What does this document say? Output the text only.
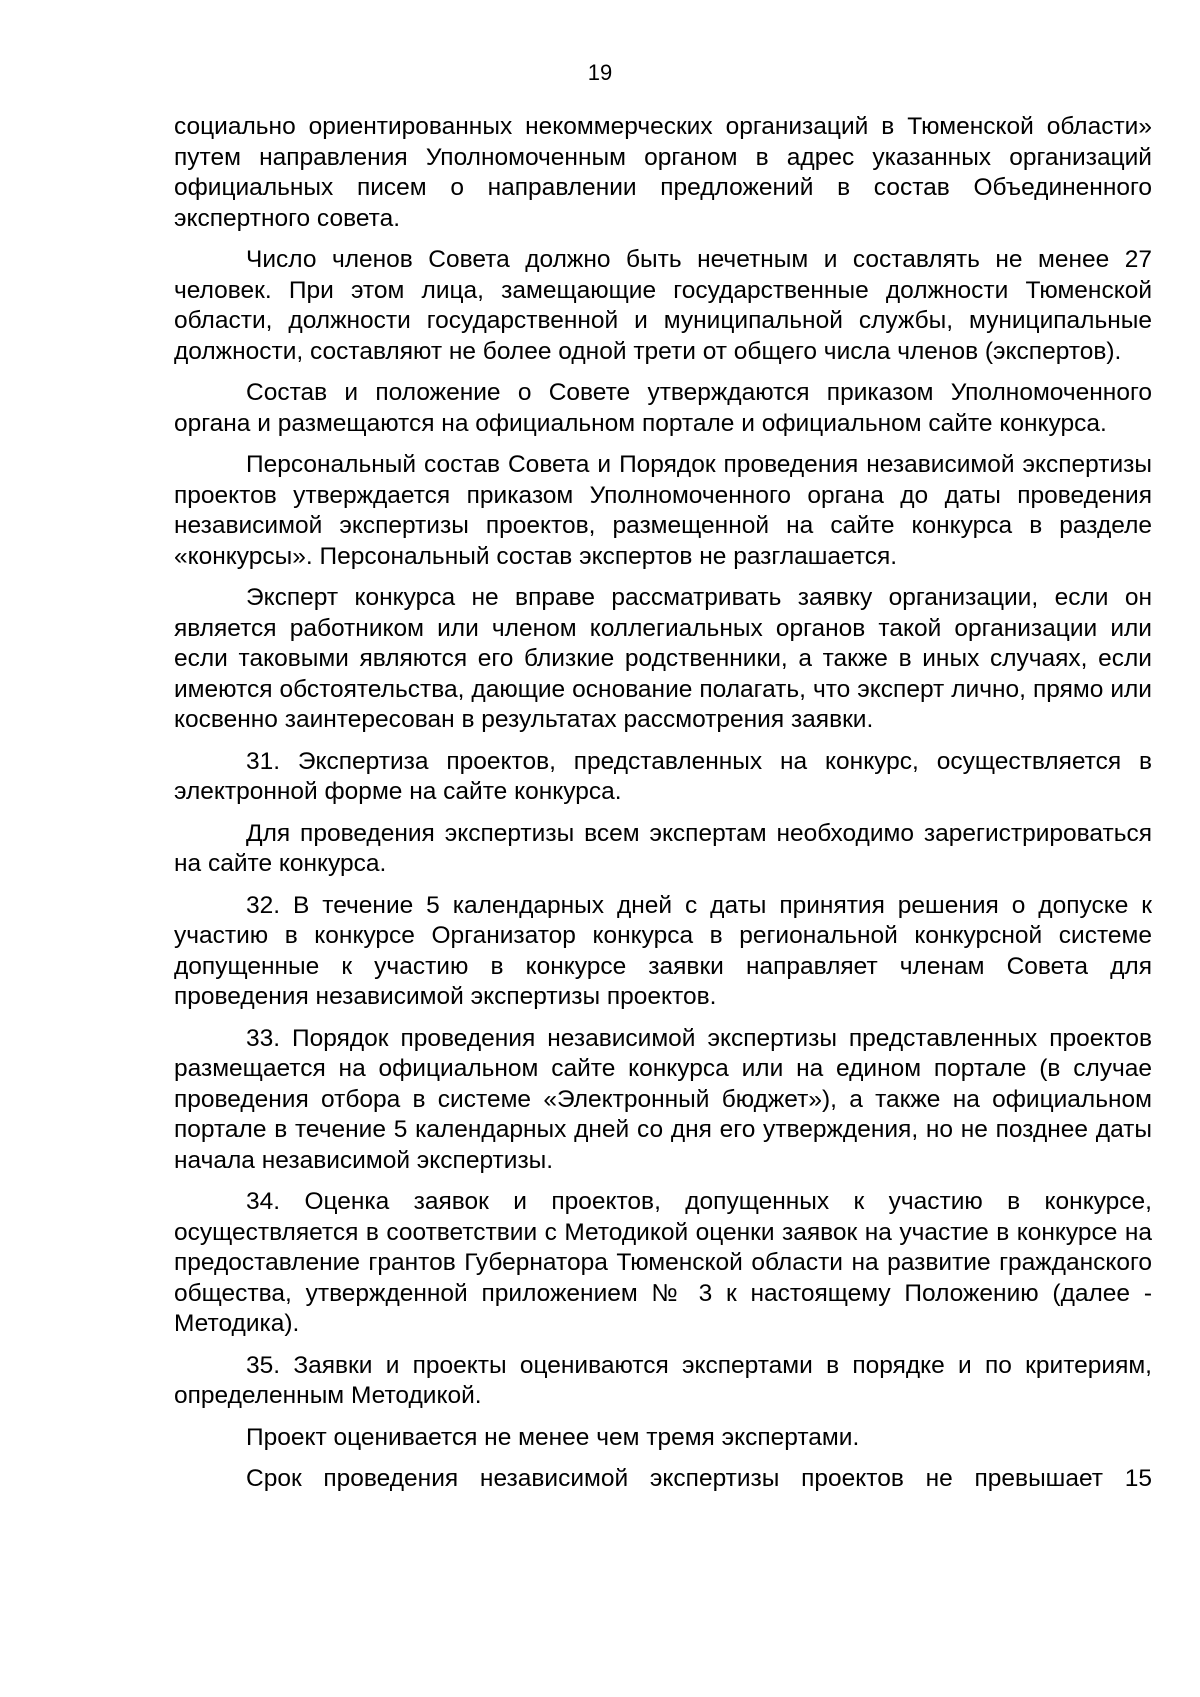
19

социально ориентированных некоммерческих организаций в Тюменской области» путем направления Уполномоченным органом в адрес указанных организаций официальных писем о направлении предложений в состав Объединенного экспертного совета.

Число членов Совета должно быть нечетным и составлять не менее 27 человек. При этом лица, замещающие государственные должности Тюменской области, должности государственной и муниципальной службы, муниципальные должности, составляют не более одной трети от общего числа членов (экспертов).

Состав и положение о Совете утверждаются приказом Уполномоченного органа и размещаются на официальном портале и официальном сайте конкурса.

Персональный состав Совета и Порядок проведения независимой экспертизы проектов утверждается приказом Уполномоченного органа до даты проведения независимой экспертизы проектов, размещенной на сайте конкурса в разделе «конкурсы». Персональный состав экспертов не разглашается.

Эксперт конкурса не вправе рассматривать заявку организации, если он является работником или членом коллегиальных органов такой организации или если таковыми являются его близкие родственники, а также в иных случаях, если имеются обстоятельства, дающие основание полагать, что эксперт лично, прямо или косвенно заинтересован в результатах рассмотрения заявки.

31. Экспертиза проектов, представленных на конкурс, осуществляется в электронной форме на сайте конкурса.

Для проведения экспертизы всем экспертам необходимо зарегистрироваться на сайте конкурса.

32. В течение 5 календарных дней с даты принятия решения о допуске к участию в конкурсе Организатор конкурса в региональной конкурсной системе допущенные к участию в конкурсе заявки направляет членам Совета для проведения независимой экспертизы проектов.

33. Порядок проведения независимой экспертизы представленных проектов размещается на официальном сайте конкурса или на едином портале (в случае проведения отбора в системе «Электронный бюджет»), а также на официальном портале в течение 5 календарных дней со дня его утверждения, но не позднее даты начала независимой экспертизы.

34. Оценка заявок и проектов, допущенных к участию в конкурсе, осуществляется в соответствии с Методикой оценки заявок на участие в конкурсе на предоставление грантов Губернатора Тюменской области на развитие гражданского общества, утвержденной приложением № 3 к настоящему Положению (далее - Методика).

35. Заявки и проекты оцениваются экспертами в порядке и по критериям, определенным Методикой.

Проект оценивается не менее чем тремя экспертами.

Срок проведения независимой экспертизы проектов не превышает 15
